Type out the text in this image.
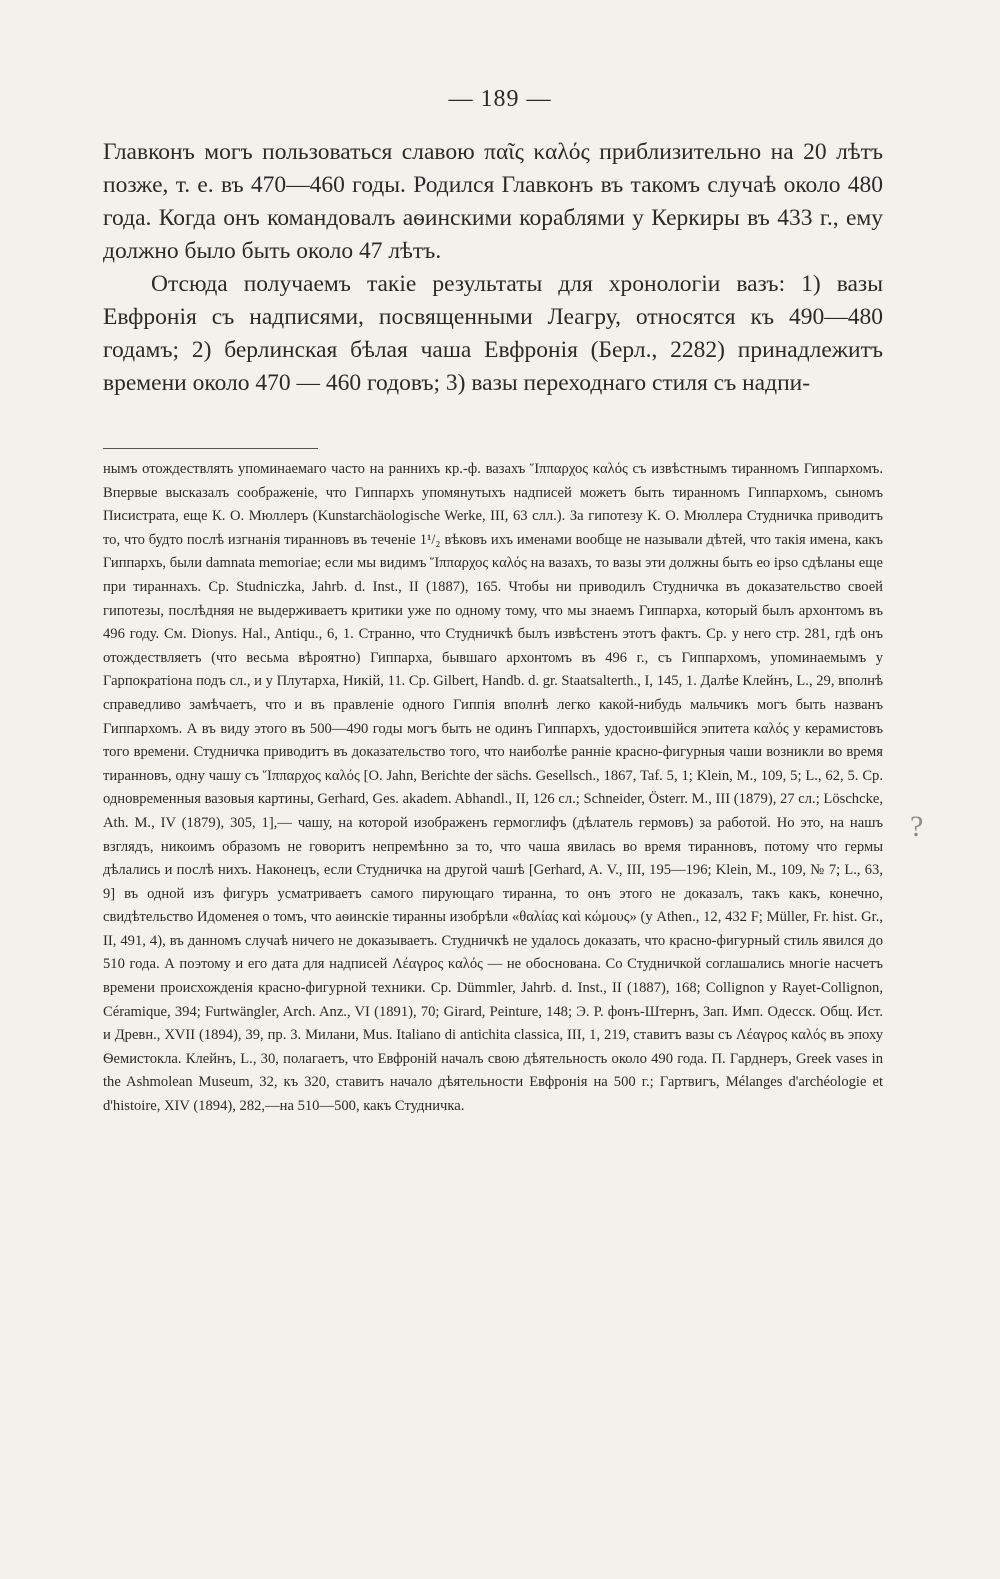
— 189 —

Главконъ могъ пользоваться славою παῖς καλός приблизительно на 20 лѣтъ позже, т. е. въ 470—460 годы. Родился Главконъ въ такомъ случаѣ около 480 года. Когда онъ командовалъ аѳинскими кораблями у Керкиры въ 433 г., ему должно было быть около 47 лѣтъ.

Отсюда получаемъ такіе результаты для хронологіи вазъ: 1) вазы Евфронія съ надписями, посвященными Леагру, относятся къ 490—480 годамъ; 2) берлинская бѣлая чаша Евфронія (Берл., 2282) принадлежитъ времени около 470 — 460 годовъ; 3) вазы переходнаго стиля съ надпи-

нымъ отождествлять упоминаемаго часто на раннихъ кр.-ф. вазахъ Ἵππαρχος καλός съ извѣстнымъ тиранномъ Гиппархомъ. Впервые высказалъ соображеніе, что Гиппархъ упомянутыхъ надписей можетъ быть тиранномъ Гиппархомъ, сыномъ Писистрата, еще К. О. Мюллеръ (Kunstarchäologische Werke, III, 63 слл.). За гипотезу К. О. Мюллера Студничка приводитъ то, что будто послѣ изгнанія тиранновъ въ теченіе 1¹/₂ вѣковъ ихъ именами вообще не называли дѣтей, что такія имена, какъ Гиппархъ, были damnata memoriae; если мы видимъ Ἵππαρχος καλός на вазахъ, то вазы эти должны быть eo ipso сдѣланы еще при тираннахъ. Ср. Studniczka, Jahrb. d. Inst., II (1887), 165. Чтобы ни приводилъ Студничка въ доказательство своей гипотезы, послѣдняя не выдерживаетъ критики уже по одному тому, что мы знаемъ Гиппарха, который былъ архонтомъ въ 496 году. См. Dionys. Hal., Antiqu., 6, 1. Странно, что Студничкѣ былъ извѣстенъ этотъ фактъ. Ср. у него стр. 281, гдѣ онъ отождествляетъ (что весьма вѣроятно) Гиппарха, бывшаго архонтомъ въ 496 г., съ Гиппархомъ, упоминаемымъ у Гарпократіона подъ сл., и у Плутарха, Никій, 11. Ср. Gilbert, Handb. d. gr. Staatsalterth., I, 145, 1. Далѣе Клейнъ, L., 29, вполнѣ справедливо замѣчаетъ, что и въ правленіе одного Гиппія вполнѣ легко какой-нибудь мальчикъ могъ быть названъ Гиппархомъ. А въ виду этого въ 500—490 годы могъ быть не одинъ Гиппархъ, удостоившійся эпитета καλός у керамистовъ того времени. Студничка приводитъ въ доказательство того, что наиболѣе ранніе красно-фигурныя чаши возникли во время тиранновъ, одну чашу съ Ἵππαρχος καλός [O. Jahn, Berichte der sächs. Gesellsch., 1867, Taf. 5, 1; Klein, M., 109, 5; L., 62, 5. Ср. одновременныя вазовыя картины, Gerhard, Ges. akadem. Abhandl., II, 126 сл.; Schneider, Österr. M., III (1879), 27 сл.; Löschcke, Ath. M., IV (1879), 305, 1],— чашу, на которой изображенъ гермоглифъ (дѣлатель гермовъ) за работой. Но это, на нашъ взглядъ, никоимъ образомъ не говоритъ непремѣнно за то, что чаша явилась во время тиранновъ, потому что гермы дѣлались и послѣ нихъ. Наконецъ, если Студничка на другой чашѣ [Gerhard, A. V., III, 195—196; Klein, M., 109, № 7; L., 63, 9] въ одной изъ фигуръ усматриваетъ самого пирующаго тиранна, то онъ этого не доказалъ, такъ какъ, конечно, свидѣтельство Идоменея о томъ, что аѳинскіе тиранны изобрѣли «θαλίας καὶ κώμους» (у Athen., 12, 432 F; Müller, Fr. hist. Gr., II, 491, 4), въ данномъ случаѣ ничего не доказываетъ. Студничкѣ не удалось доказать, что красно-фигурный стиль явился до 510 года. А поэтому и его дата для надписей Λέαγρος καλός — не обоснована. Со Студничкой соглашались многіе насчетъ времени происхожденія красно-фигурной техники. Ср. Dümmler, Jahrb. d. Inst., II (1887), 168; Collignon у Rayet-Collignon, Céramique, 394; Furtwängler, Arch. Anz., VI (1891), 70; Girard, Peinture, 148; Э. Р. фонъ-Штернъ, Зап. Имп. Одесск. Общ. Ист. и Древн., XVII (1894), 39, пр. 3. Милани, Mus. Italiano di antichita classica, III, 1, 219, ставитъ вазы съ Λέαγρος καλός въ эпоху Ѳемистокла. Клейнъ, L., 30, полагаетъ, что Евфроній началъ свою дѣятельность около 490 года. П. Гарднеръ, Greek vases in the Ashmolean Museum, 32, къ 320, ставитъ начало дѣятельности Евфронія на 500 г.; Гартвигъ, Mélanges d'archéologie et d'histoire, XIV (1894), 282,—на 510—500, какъ Студничка.

?
